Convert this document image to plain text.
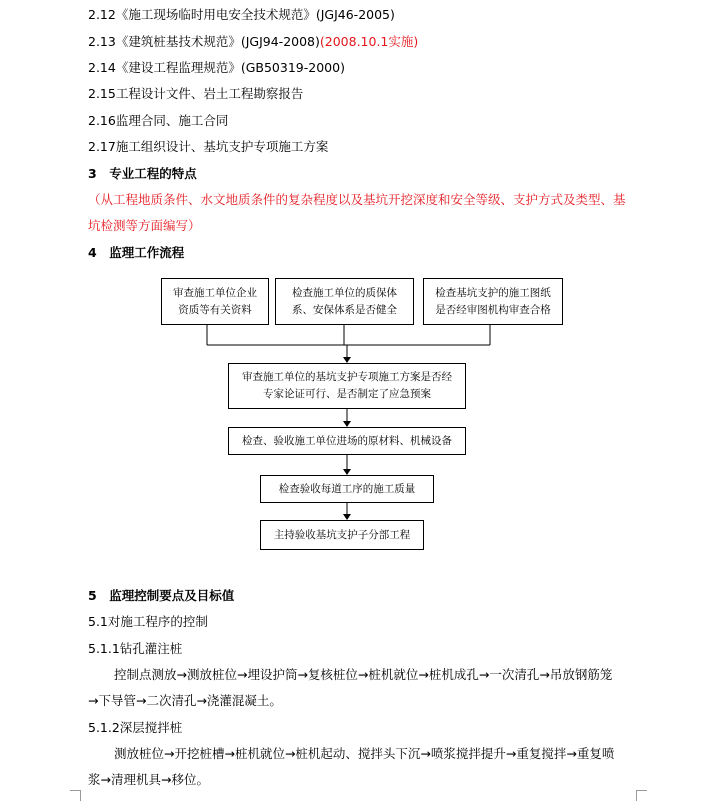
2.12《施工现场临时用电安全技术规范》(JGJ46-2005)
2.13《建筑桩基技术规范》(JGJ94-2008)(2008.10.1实施)
2.14《建设工程监理规范》(GB50319-2000)
2.15工程设计文件、岩土工程勘察报告
2.16监理合同、施工合同
2.17施工组织设计、基坑支护专项施工方案
3　专业工程的特点
（从工程地质条件、水文地质条件的复杂程度以及基坑开挖深度和安全等级、支护方式及类型、基
坑检测等方面编写）
4　监理工作流程
审查施工单位企业
资质等有关资料
检查施工单位的质保体
系、安保体系是否健全
检查基坑支护的施工图纸
是否经审图机构审查合格
审查施工单位的基坑支护专项施工方案是否经
专家论证可行、是否制定了应急预案
检查、验收施工单位进场的原材料、机械设备
检查验收每道工序的施工质量
主持验收基坑支护子分部工程
5　监理控制要点及目标值
5.1对施工程序的控制
5.1.1钻孔灌注桩
控制点测放→测放桩位→埋设护筒→复核桩位→桩机就位→桩机成孔→一次清孔→吊放钢筋笼
→下导管→二次清孔→浇灌混凝土。
5.1.2深层搅拌桩
测放桩位→开挖桩槽→桩机就位→桩机起动、搅拌头下沉→喷浆搅拌提升→重复搅拌→重复喷
浆→清理机具→移位。
